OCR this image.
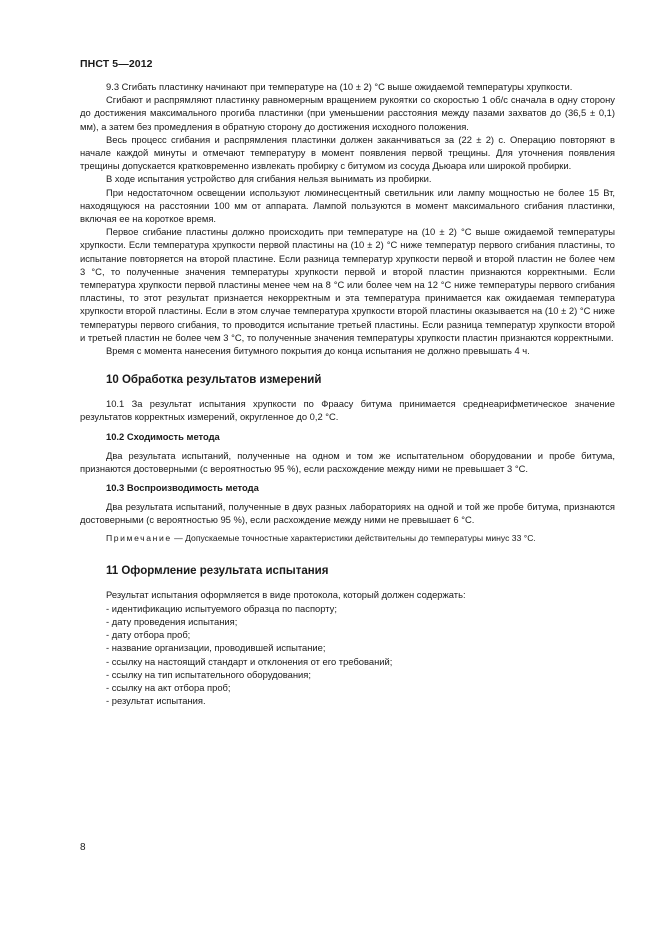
ПНСТ 5—2012

9.3 Сгибать пластинку начинают при температуре на (10 ± 2) °С выше ожидаемой температуры хрупкости.

Сгибают и распрямляют пластинку равномерным вращением рукоятки со скоростью 1 об/с сначала в одну сторону до достижения максимального прогиба пластинки (при уменьшении расстояния между пазами захватов до (36,5 ± 0,1) мм), а затем без промедления в обратную сторону до достижения исходного положения.

Весь процесс сгибания и распрямления пластинки должен заканчиваться за (22 ± 2) с. Операцию повторяют в начале каждой минуты и отмечают температуру в момент появления первой трещины. Для уточнения появления трещины допускается кратковременно извлекать пробирку с битумом из сосуда Дьюара или широкой пробирки.

В ходе испытания устройство для сгибания нельзя вынимать из пробирки.

При недостаточном освещении используют люминесцентный светильник или лампу мощностью не более 15 Вт, находящуюся на расстоянии 100 мм от аппарата. Лампой пользуются в момент максимального сгибания пластинки, включая ее на короткое время.

Первое сгибание пластины должно происходить при температуре на (10 ± 2) °С выше ожидаемой температуры хрупкости. Если температура хрупкости первой пластины на (10 ± 2) °С ниже температур первого сгибания пластины, то испытание повторяется на второй пластине. Если разница температур хрупкости первой и второй пластин не более чем 3 °С, то полученные значения температуры хрупкости первой и второй пластин признаются корректными. Если температура хрупкости первой пластины менее чем на 8 °С или более чем на 12 °С ниже температуры первого сгибания пластины, то этот результат признается некорректным и эта температура принимается как ожидаемая температура хрупкости второй пластины. Если в этом случае температура хрупкости второй пластины оказывается на (10 ± 2) °С ниже температуры первого сгибания, то проводится испытание третьей пластины. Если разница температур хрупкости второй и третьей пластин не более чем 3 °С, то полученные значения температуры хрупкости пластин признаются корректными.

Время с момента нанесения битумного покрытия до конца испытания не должно превышать 4 ч.

10 Обработка результатов измерений

10.1 За результат испытания хрупкости по Фраасу битума принимается среднеарифметическое значение результатов корректных измерений, округленное до 0,2 °С.

10.2 Сходимость метода

Два результата испытаний, полученные на одном и том же испытательном оборудовании и пробе битума, признаются достоверными (с вероятностью 95 %), если расхождение между ними не превышает 3 °С.

10.3 Воспроизводимость метода

Два результата испытаний, полученные в двух разных лабораториях на одной и той же пробе битума, признаются достоверными (с вероятностью 95 %), если расхождение между ними не превышает 6 °С.

Примечание — Допускаемые точностные характеристики действительны до температуры минус 33 °С.

11 Оформление результата испытания

Результат испытания оформляется в виде протокола, который должен содержать:

- идентификацию испытуемого образца по паспорту;
- дату проведения испытания;
- дату отбора проб;
- название организации, проводившей испытание;
- ссылку на настоящий стандарт и отклонения от его требований;
- ссылку на тип испытательного оборудования;
- ссылку на акт отбора проб;
- результат испытания.
8
